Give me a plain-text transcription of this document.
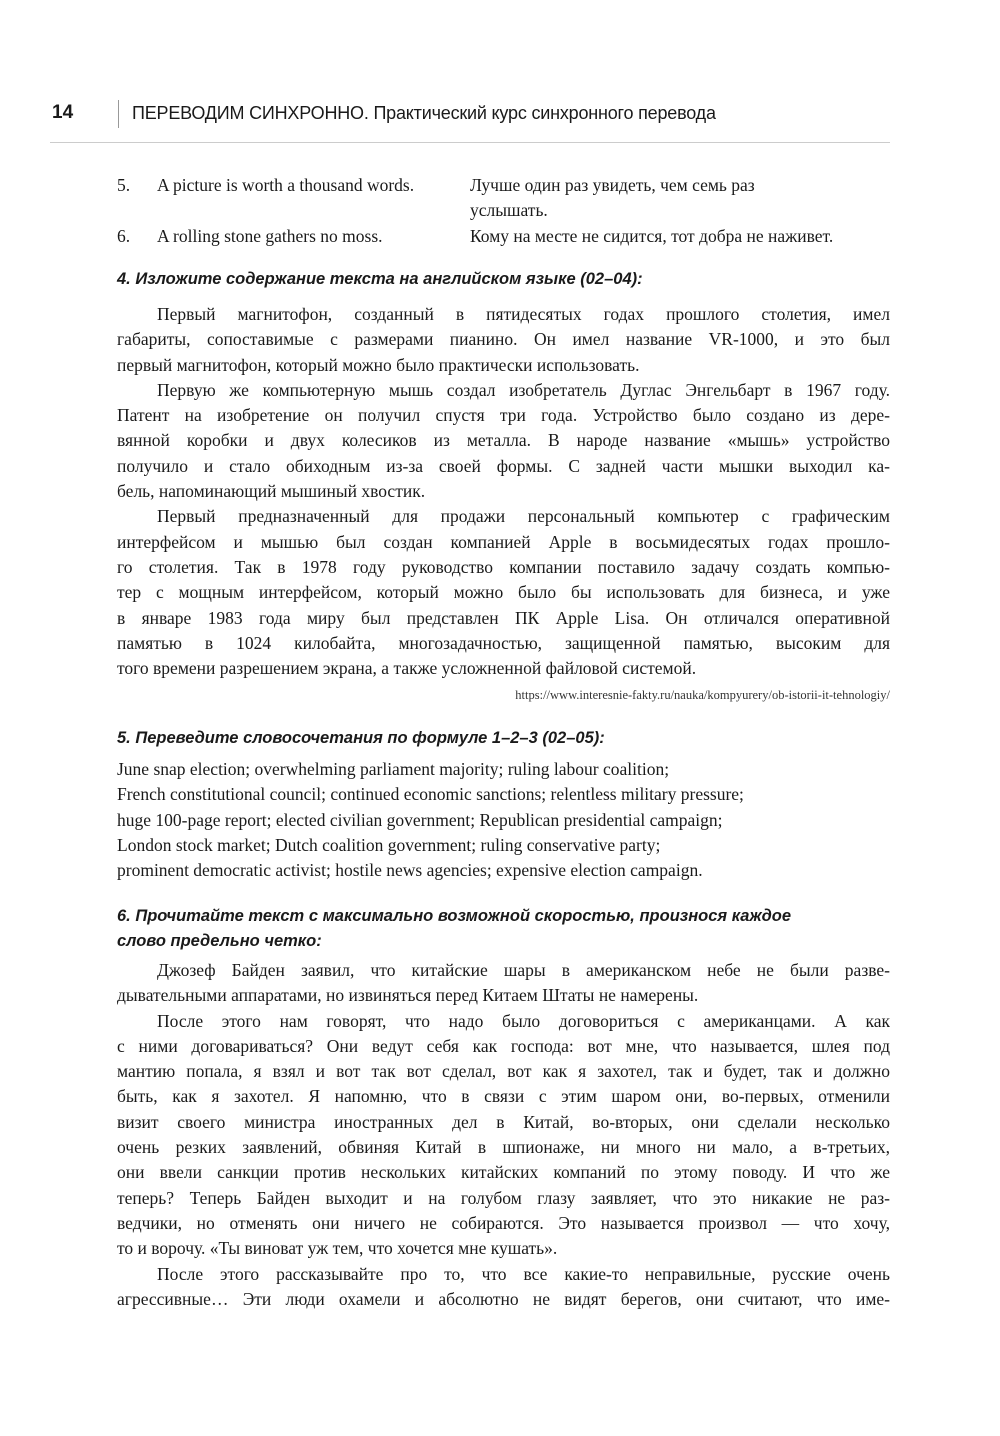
14	ПЕРЕВОДИМ СИНХРОННО. Практический курс синхронного перевода
5. A picture is worth a thousand words.	Лучше один раз увидеть, чем семь раз
услышать.
6. A rolling stone gathers no moss.	Кому на месте не сидится, тот добра не наживет.
4. Изложите содержание текста на английском языке (02–04):
Первый магнитофон, созданный в пятидесятых годах прошлого столетия, имел
габариты, сопоставимые с размерами пианино. Он имел название VR-1000, и это был
первый магнитофон, который можно было практически использовать.
Первую же компьютерную мышь создал изобретатель Дуглас Энгельбарт в 1967 году.
Патент на изобретение он получил спустя три года. Устройство было создано из дере-
вянной коробки и двух колесиков из металла. В народе название «мышь» устройство
получило и стало обиходным из-за своей формы. С задней части мышки выходил ка-
бель, напоминающий мышиный хвостик.
Первый предназначенный для продажи персональный компьютер с графическим
интерфейсом и мышью был создан компанией Apple в восьмидесятых годах прошло-
го столетия. Так в 1978 году руководство компании поставило задачу создать компью-
тер с мощным интерфейсом, который можно было бы использовать для бизнеса, и уже
в январе 1983 года миру был представлен ПК Apple Lisa. Он отличался оперативной
памятью в 1024 килобайта, многозадачностью, защищенной памятью, высоким для
того времени разрешением экрана, а также усложненной файловой системой.
https://www.interesnie-fakty.ru/nauka/kompyurery/ob-istorii-it-tehnologiy/
5. Переведите словосочетания по формуле 1–2–3 (02–05):
June snap election; overwhelming parliament majority; ruling labour coalition;
French constitutional council; continued economic sanctions; relentless military pressure;
huge 100-page report; elected civilian government; Republican presidential campaign;
London stock market; Dutch coalition government; ruling conservative party;
prominent democratic activist; hostile news agencies; expensive election campaign.
6. Прочитайте текст с максимально возможной скоростью, произнося каждое
слово предельно четко:
Джозеф Байден заявил, что китайские шары в американском небе не были разве-
дывательными аппаратами, но извиняться перед Китаем Штаты не намерены.
После этого нам говорят, что надо было договориться с американцами. А как
с ними договариваться? Они ведут себя как господа: вот мне, что называется, шлея под
мантию попала, я взял и вот так вот сделал, вот как я захотел, так и будет, так и должно
быть, как я захотел. Я напомню, что в связи с этим шаром они, во-первых, отменили
визит своего министра иностранных дел в Китай, во-вторых, они сделали несколько
очень резких заявлений, обвиняя Китай в шпионаже, ни много ни мало, а в-третьих,
они ввели санкции против нескольких китайских компаний по этому поводу. И что же
теперь? Теперь Байден выходит и на голубом глазу заявляет, что это никакие не раз-
ведчики, но отменять они ничего не собираются. Это называется произвол — что хочу,
то и ворочу. «Ты виноват уж тем, что хочется мне кушать».
После этого рассказывайте про то, что все какие-то неправильные, русские очень
агрессивные… Эти люди охамели и абсолютно не видят берегов, они считают, что име-
